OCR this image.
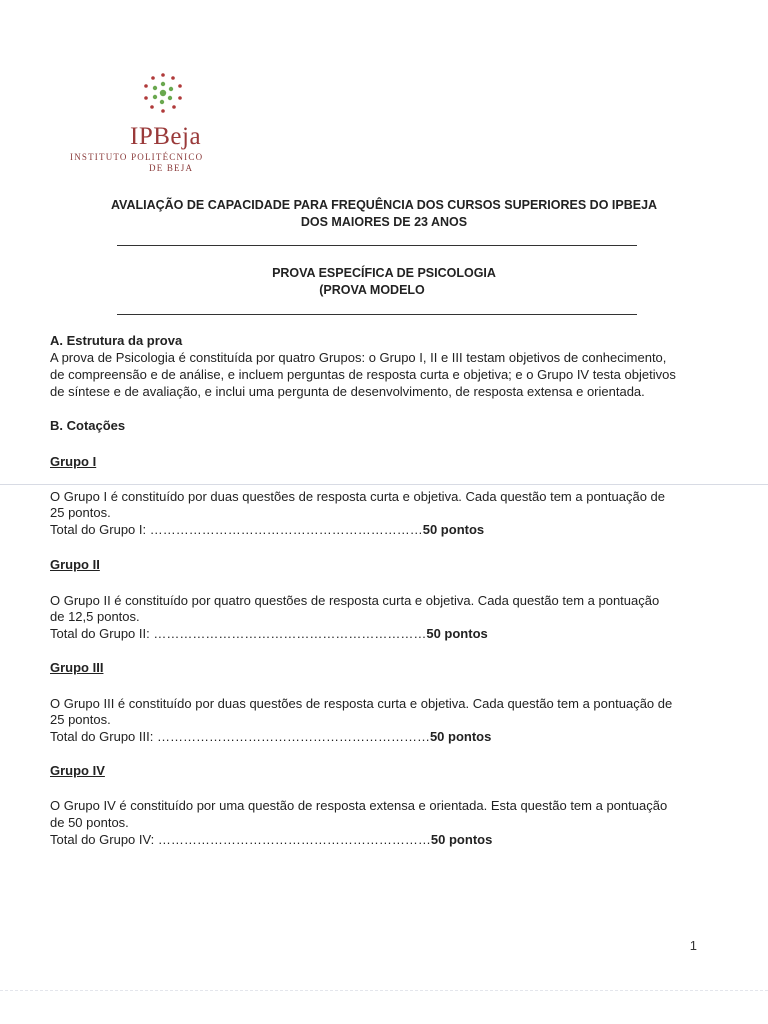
IPBeja
INSTITUTO POLITÉCNICO
DE BEJA
AVALIAÇÃO DE CAPACIDADE PARA FREQUÊNCIA DOS CURSOS SUPERIORES DO IPBEJA
DOS MAIORES DE 23 ANOS
PROVA ESPECÍFICA DE PSICOLOGIA
(PROVA MODELO
A. Estrutura da prova
A prova de Psicologia é constituída por quatro Grupos: o Grupo I, II e III testam objetivos de conhecimento,
de compreensão e de análise, e incluem perguntas de resposta curta e objetiva; e o Grupo IV testa objetivos
de síntese e de avaliação, e inclui uma pergunta de desenvolvimento, de resposta extensa e orientada.
B. Cotações
Grupo I
O Grupo I é constituído por duas questões de resposta curta e objetiva. Cada questão tem a pontuação de
25 pontos.
Total do Grupo I: ………………………………………………………50 pontos
Grupo II
O Grupo II é constituído por quatro questões de resposta curta e objetiva. Cada questão tem a pontuação
de 12,5 pontos.
Total do Grupo II: ………………………………………………………50 pontos
Grupo III
O Grupo III é constituído por duas questões de resposta curta e objetiva. Cada questão tem a pontuação de
25 pontos.
Total do Grupo III: ………………………………………………………50 pontos
Grupo IV
O Grupo IV é constituído por uma questão de resposta extensa e orientada. Esta questão tem a pontuação
de 50 pontos.
Total do Grupo IV: ………………………………………………………50 pontos
1
